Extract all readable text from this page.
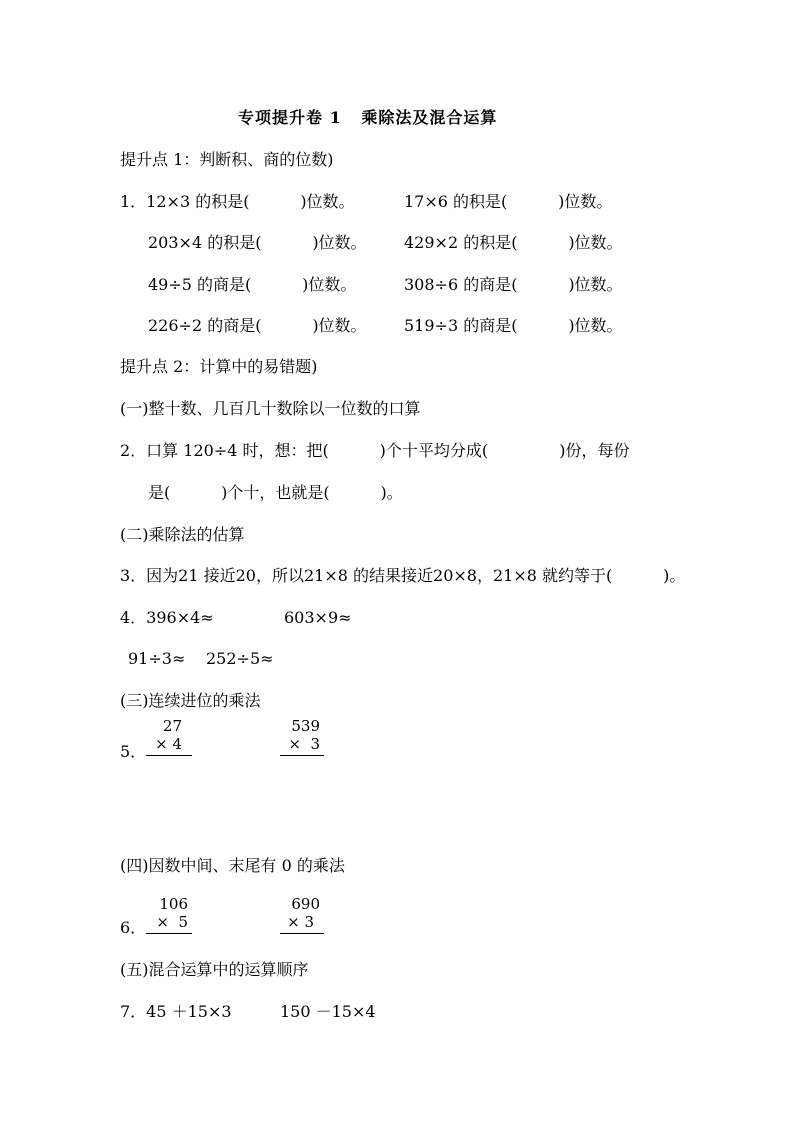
专项提升卷 1   乘除法及混合运算
提升点 1：判断积、商的位数)
1．12×3 的积是(          )位数。	17×6 的积是(          )位数。
203×4 的积是(          )位数。 429×2 的积是(          )位数。
49÷5 的商是(          )位数。	308÷6 的商是(          )位数。
226÷2 的商是(          )位数。 519÷3 的商是(          )位数。
提升点 2：计算中的易错题)
(一)整十数、几百几十数除以一位数的口算
2．口算 120÷4 时，想：把(          )个十平均分成(              )份，每份
是(          )个十，也就是(          )。
(二)乘除法的估算
3．因为21 接近20，所以21×8 的结果接近20×8，21×8 就约等于(          )。
4．396×4≈	603×9≈
91÷3≈ 252÷5≈
(三)连续进位的乘法
5．
27
× 4
539
×  3
(四)因数中间、末尾有 0 的乘法
6．
106
×  5
690
× 3
(五)混合运算中的运算顺序
7．45 ＋15×3	150 －15×4
